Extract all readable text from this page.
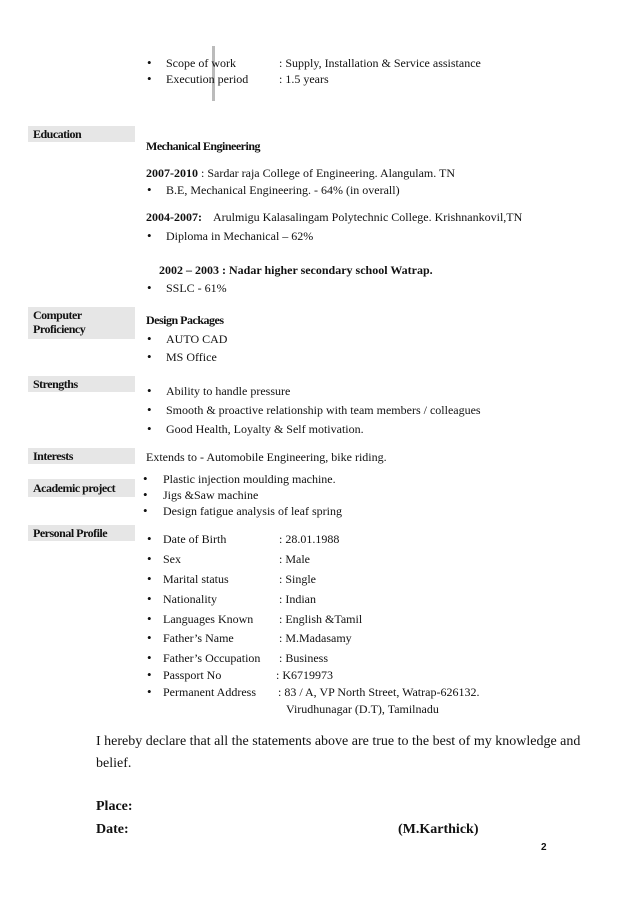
• Scope of work	: Supply, Installation & Service assistance
• Execution period	: 1.5 years
Education
Mechanical Engineering
2007-2010 : Sardar raja College of Engineering. Alangulam. TN
• B.E, Mechanical Engineering. - 64% (in overall)
2004-2007: Arulmigu Kalasalingam Polytechnic College. Krishnankovil,TN
• Diploma in Mechanical – 62%
2002 – 2003 : Nadar higher secondary school Watrap.
• SSLC - 61%
Computer Proficiency
Design Packages
• AUTO CAD
• MS Office
Strengths	• Ability to handle pressure
• Smooth & proactive relationship with team members / colleagues
• Good Health, Loyalty & Self motivation.
Interests	Extends to - Automobile Engineering, bike riding.
Academic project
• Plastic injection moulding machine.
• Jigs &Saw machine
• Design fatigue analysis of leaf spring
Personal Profile	• Date of Birth	: 28.01.1988
• Sex	: Male
• Marital status	: Single
• Nationality	: Indian
• Languages Known : English &Tamil
• Father’s Name	: M.Madasamy
• Father’s Occupation : Business
• Passport No	: K6719973
• Permanent Address : 83 / A, VP North Street, Watrap-626132.
Virudhunagar (D.T), Tamilnadu
I hereby declare that all the statements above are true to the best of my knowledge and
belief.
Place:
Date:	(M.Karthick)
2
